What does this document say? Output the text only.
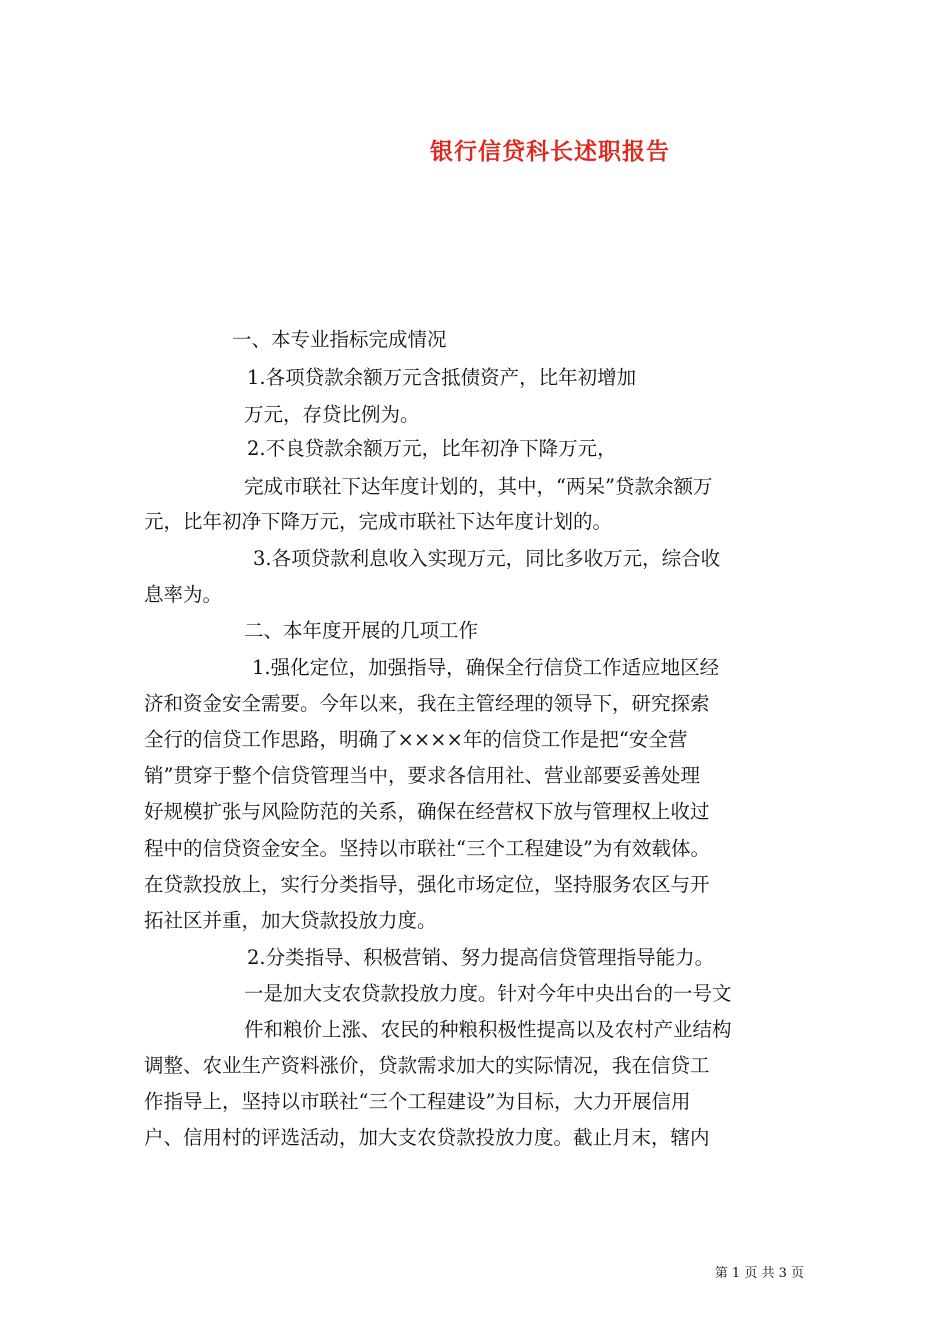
银行信贷科长述职报告
一、本专业指标完成情况
1.各项贷款余额万元含抵债资产，比年初增加
万元，存贷比例为。
2.不良贷款余额万元，比年初净下降万元，
完成市联社下达年度计划的，其中，“两呆”贷款余额万
元，比年初净下降万元，完成市联社下达年度计划的。
3.各项贷款利息收入实现万元，同比多收万元，综合收
息率为。
二、本年度开展的几项工作
1.强化定位，加强指导，确保全行信贷工作适应地区经
济和资金安全需要。今年以来，我在主管经理的领导下，研究探索
全行的信贷工作思路，明确了××××年的信贷工作是把“安全营
销”贯穿于整个信贷管理当中，要求各信用社、营业部要妥善处理
好规模扩张与风险防范的关系，确保在经营权下放与管理权上收过
程中的信贷资金安全。坚持以市联社“三个工程建设”为有效载体。
在贷款投放上，实行分类指导，强化市场定位，坚持服务农区与开
拓社区并重，加大贷款投放力度。
2.分类指导、积极营销、努力提高信贷管理指导能力。
一是加大支农贷款投放力度。针对今年中央出台的一号文
件和粮价上涨、农民的种粮积极性提高以及农村产业结构
调整、农业生产资料涨价，贷款需求加大的实际情况，我在信贷工
作指导上，坚持以市联社“三个工程建设”为目标，大力开展信用
户、信用村的评选活动，加大支农贷款投放力度。截止月末，辖内
第 1 页 共 3 页
